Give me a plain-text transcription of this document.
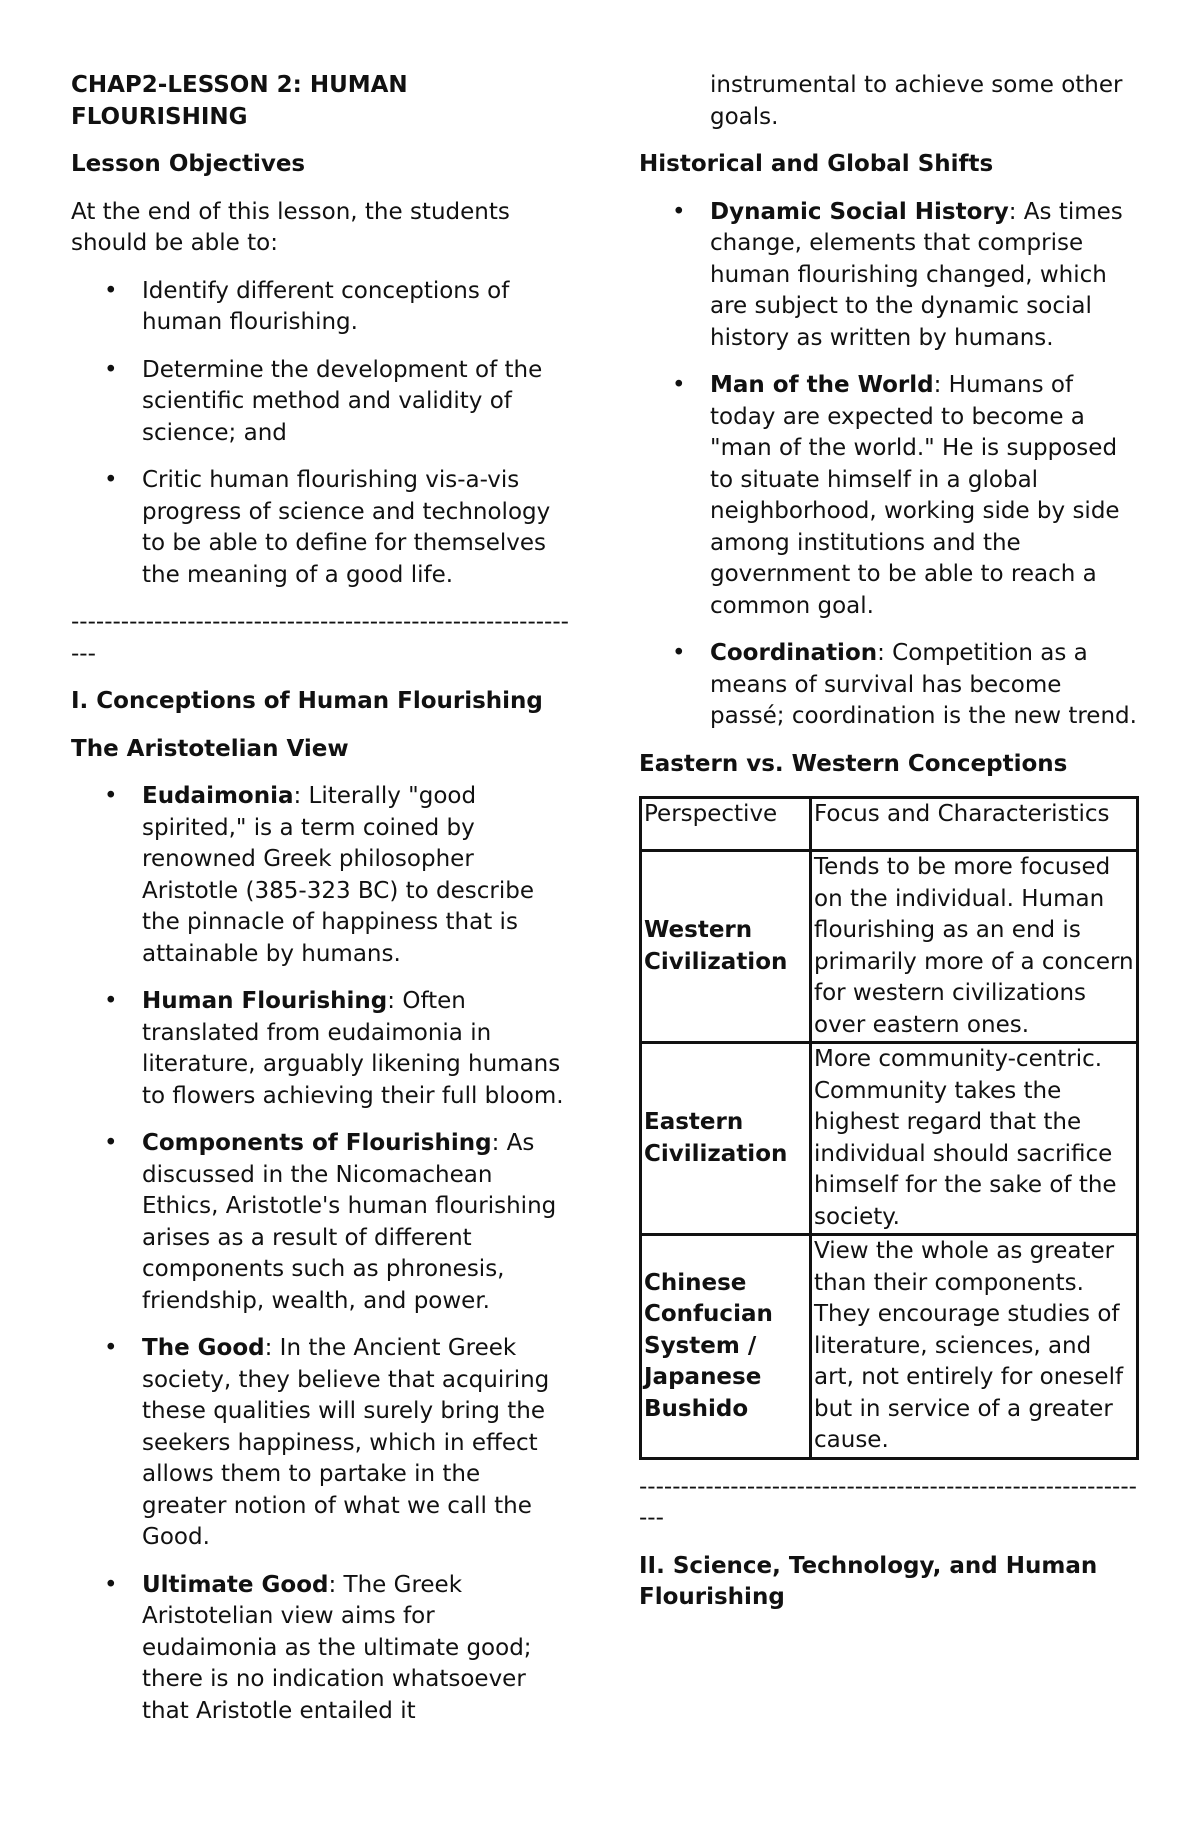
CHAP2-LESSON 2: HUMAN FLOURISHING

Lesson Objectives

At the end of this lesson, the students should be able to:

• Identify different conceptions of human flourishing.
• Determine the development of the scientific method and validity of science; and
• Critic human flourishing vis-a-vis progress of science and technology to be able to define for themselves the meaning of a good life.
---------------------------------------------------------------

I. Conceptions of Human Flourishing

The Aristotelian View

• Eudaimonia: Literally "good spirited," is a term coined by renowned Greek philosopher Aristotle (385-323 BC) to describe the pinnacle of happiness that is attainable by humans.
• Human Flourishing: Often translated from eudaimonia in literature, arguably likening humans to flowers achieving their full bloom.
• Components of Flourishing: As discussed in the Nicomachean Ethics, Aristotle's human flourishing arises as a result of different components such as phronesis, friendship, wealth, and power.
• The Good: In the Ancient Greek society, they believe that acquiring these qualities will surely bring the seekers happiness, which in effect allows them to partake in the greater notion of what we call the Good.
• Ultimate Good: The Greek Aristotelian view aims for eudaimonia as the ultimate good; there is no indication whatsoever that Aristotle entailed it

instrumental to achieve some other goals.

Historical and Global Shifts

• Dynamic Social History: As times change, elements that comprise human flourishing changed, which are subject to the dynamic social history as written by humans.
• Man of the World: Humans of today are expected to become a "man of the world." He is supposed to situate himself in a global neighborhood, working side by side among institutions and the government to be able to reach a common goal.
• Coordination: Competition as a means of survival has become passé; coordination is the new trend.

Eastern vs. Western Conceptions

Perspective	Focus and Characteristics
Western Civilization	Tends to be more focused on the individual. Human flourishing as an end is primarily more of a concern for western civilizations over eastern ones.
Eastern Civilization	More community-centric. Community takes the highest regard that the individual should sacrifice himself for the sake of the society.
Chinese Confucian System / Japanese Bushido	View the whole as greater than their components. They encourage studies of literature, sciences, and art, not entirely for oneself but in service of a greater cause.
---------------------------------------------------------------

II. Science, Technology, and Human Flourishing
